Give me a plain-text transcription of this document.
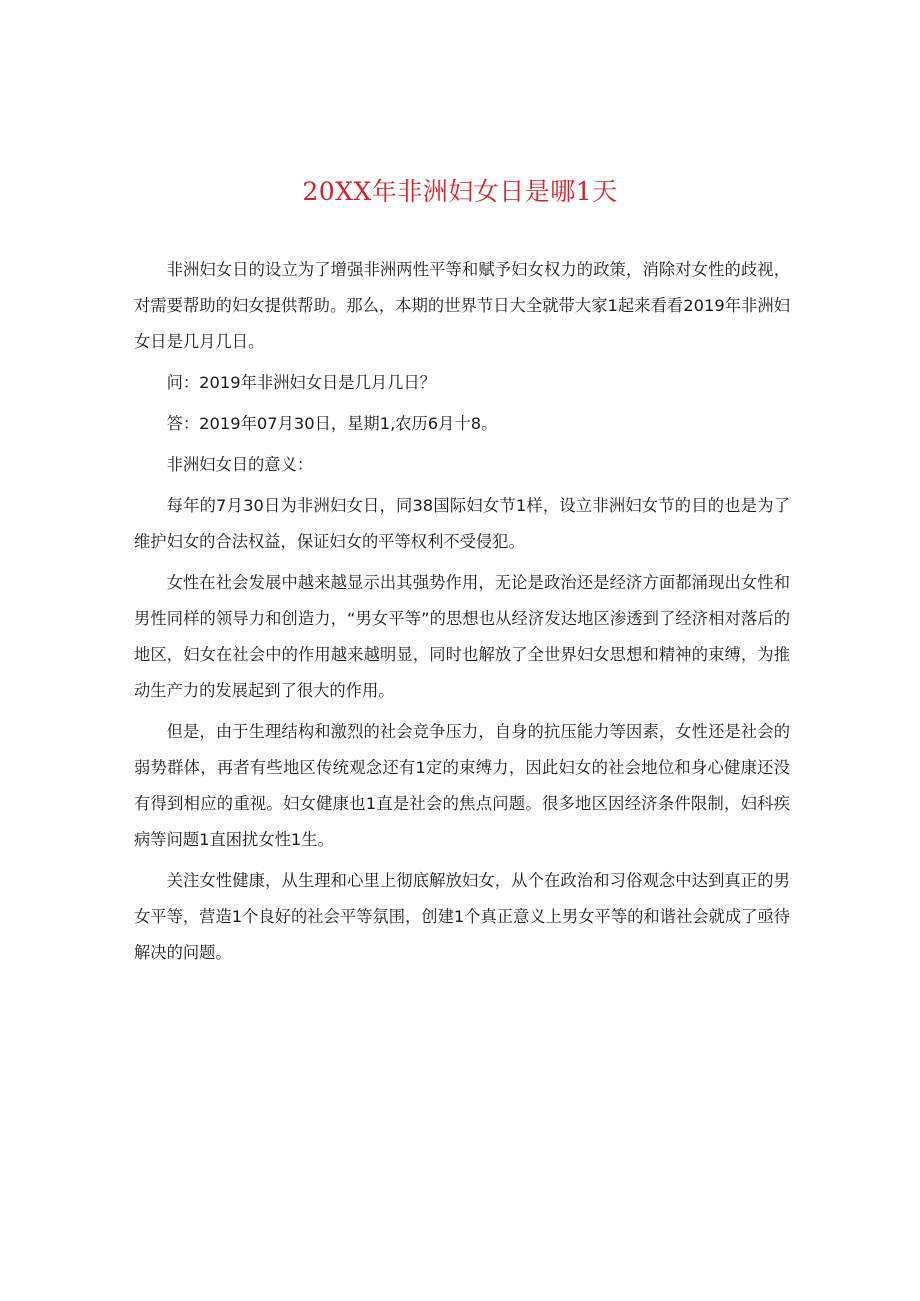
20XX年非洲妇女日是哪1天

非洲妇女日的设立为了增强非洲两性平等和赋予妇女权力的政策，消除对女性的歧视，对需要帮助的妇女提供帮助。那么，本期的世界节日大全就带大家1起来看看2019年非洲妇女日是几月几日。

问：2019年非洲妇女日是几月几日？

答：2019年07月30日，星期1,农历6月十8。

非洲妇女日的意义：

每年的7月30日为非洲妇女日，同38国际妇女节1样，设立非洲妇女节的目的也是为了维护妇女的合法权益，保证妇女的平等权利不受侵犯。

女性在社会发展中越来越显示出其强势作用，无论是政治还是经济方面都涌现出女性和男性同样的领导力和创造力，“男女平等”的思想也从经济发达地区渗透到了经济相对落后的地区，妇女在社会中的作用越来越明显，同时也解放了全世界妇女思想和精神的束缚，为推动生产力的发展起到了很大的作用。

但是，由于生理结构和激烈的社会竞争压力，自身的抗压能力等因素，女性还是社会的弱势群体，再者有些地区传统观念还有1定的束缚力，因此妇女的社会地位和身心健康还没有得到相应的重视。妇女健康也1直是社会的焦点问题。很多地区因经济条件限制，妇科疾病等问题1直困扰女性1生。

关注女性健康，从生理和心里上彻底解放妇女，从个在政治和习俗观念中达到真正的男女平等，营造1个良好的社会平等氛围，创建1个真正意义上男女平等的和谐社会就成了亟待解决的问题。
